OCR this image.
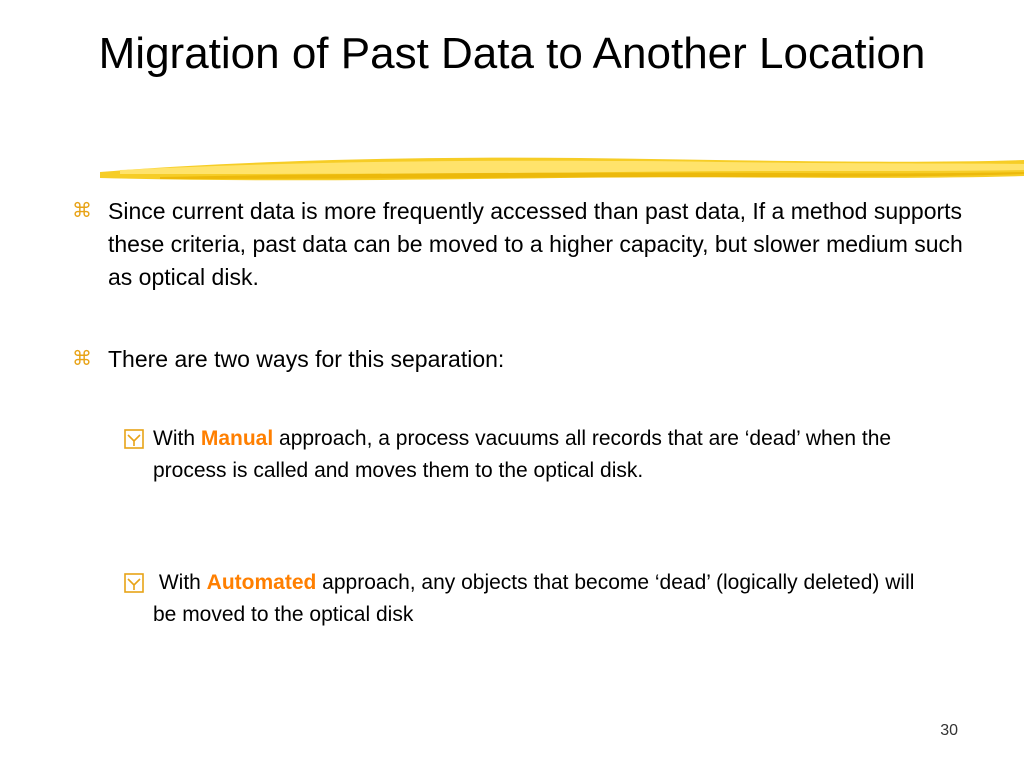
Migration of Past Data to Another Location
⌘ Since current data is more frequently accessed than past data, If a method supports these criteria, past data can be moved to a higher capacity, but slower medium such as optical disk.
⌘ There are two ways for this separation:
With Manual approach, a process vacuums all records that are ‘dead’ when the process is called and moves them to the optical disk.
With Automated approach, any objects that become ‘dead’ (logically deleted) will be moved to the optical disk
30
